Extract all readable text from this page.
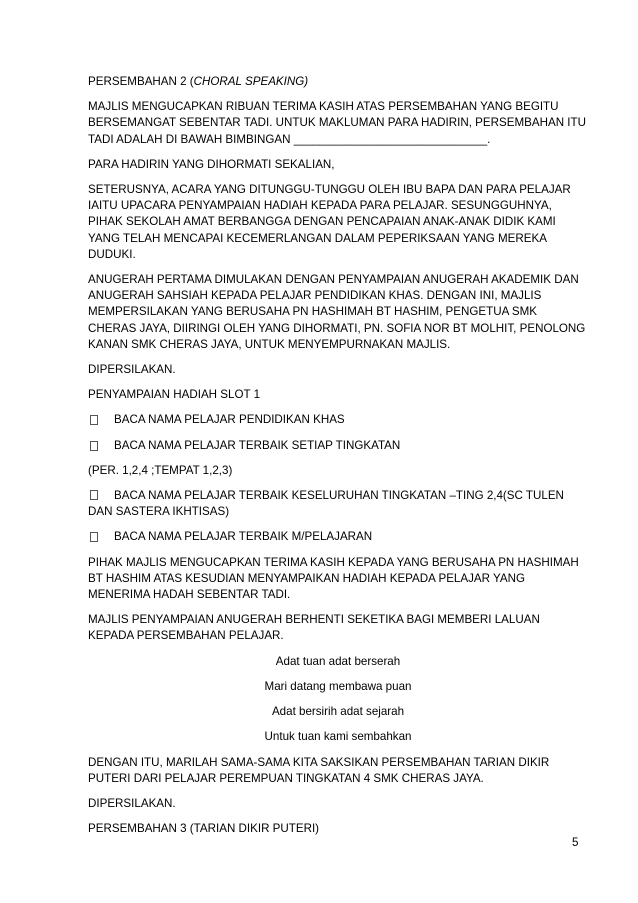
PERSEMBAHAN 2 (CHORAL SPEAKING)

MAJLIS MENGUCAPKAN RIBUAN TERIMA KASIH ATAS PERSEMBAHAN YANG BEGITU BERSEMANGAT SEBENTAR TADI. UNTUK MAKLUMAN PARA HADIRIN, PERSEMBAHAN ITU TADI ADALAH DI BAWAH BIMBINGAN ______________________________.

PARA HADIRIN YANG DIHORMATI SEKALIAN,

SETERUSNYA, ACARA YANG DITUNGGU-TUNGGU OLEH IBU BAPA DAN PARA PELAJAR IAITU UPACARA PENYAMPAIAN HADIAH KEPADA PARA PELAJAR. SESUNGGUHNYA, PIHAK SEKOLAH AMAT BERBANGGA DENGAN PENCAPAIAN ANAK-ANAK DIDIK KAMI YANG TELAH MENCAPAI KECEMERLANGAN DALAM PEPERIKSAAN YANG MEREKA DUDUKI.

ANUGERAH PERTAMA DIMULAKAN DENGAN PENYAMPAIAN ANUGERAH AKADEMIK DAN ANUGERAH SAHSIAH KEPADA PELAJAR PENDIDIKAN KHAS. DENGAN INI, MAJLIS MEMPERSILAKAN YANG BERUSAHA PN HASHIMAH BT HASHIM, PENGETUA SMK CHERAS JAYA, DIIRINGI OLEH YANG DIHORMATI, PN. SOFIA NOR BT MOLHIT, PENOLONG KANAN SMK CHERAS JAYA, UNTUK MENYEMPURNAKAN MAJLIS.

DIPERSILAKAN.

PENYAMPAIAN HADIAH SLOT 1

BACA NAMA PELAJAR PENDIDIKAN KHAS
BACA NAMA PELAJAR TERBAIK SETIAP TINGKATAN

(PER. 1,2,4 ;TEMPAT 1,2,3)

BACA NAMA PELAJAR TERBAIK KESELURUHAN TINGKATAN –TING 2,4(SC TULEN DAN SASTERA IKHTISAS)
BACA NAMA PELAJAR TERBAIK M/PELAJARAN

PIHAK MAJLIS MENGUCAPKAN TERIMA KASIH KEPADA YANG BERUSAHA PN HASHIMAH BT HASHIM ATAS KESUDIAN MENYAMPAIKAN HADIAH KEPADA PELAJAR YANG MENERIMA HADAH SEBENTAR TADI.

MAJLIS PENYAMPAIAN ANUGERAH BERHENTI SEKETIKA BAGI MEMBERI LALUAN KEPADA PERSEMBAHAN PELAJAR.

Adat tuan adat berserah

Mari datang membawa puan

Adat bersirih adat sejarah

Untuk tuan kami sembahkan

DENGAN ITU, MARILAH SAMA-SAMA KITA SAKSIKAN PERSEMBAHAN TARIAN DIKIR PUTERI DARI PELAJAR PEREMPUAN TINGKATAN 4 SMK CHERAS JAYA.

DIPERSILAKAN.

PERSEMBAHAN 3 (TARIAN DIKIR PUTERI)

5
